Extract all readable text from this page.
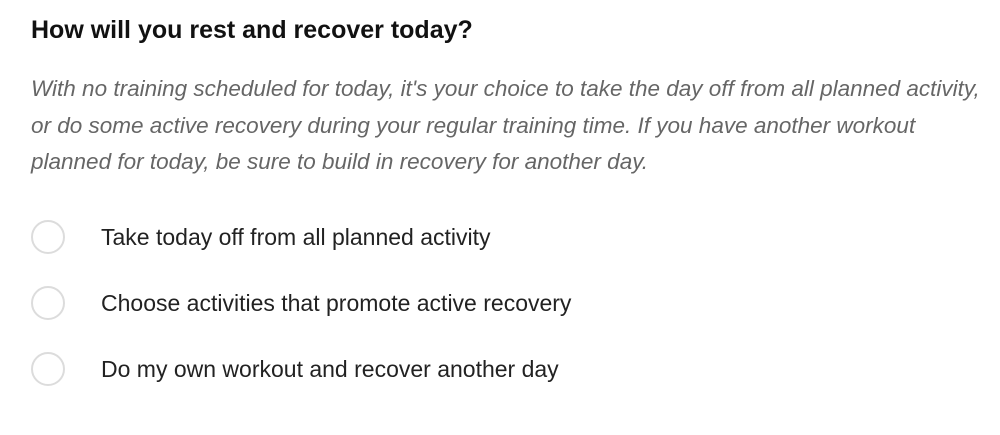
How will you rest and recover today?

With no training scheduled for today, it's your choice to take the day off from all planned activity, or do some active recovery during your regular training time. If you have another workout planned for today, be sure to build in recovery for another day.

Take today off from all planned activity
Choose activities that promote active recovery
Do my own workout and recover another day
